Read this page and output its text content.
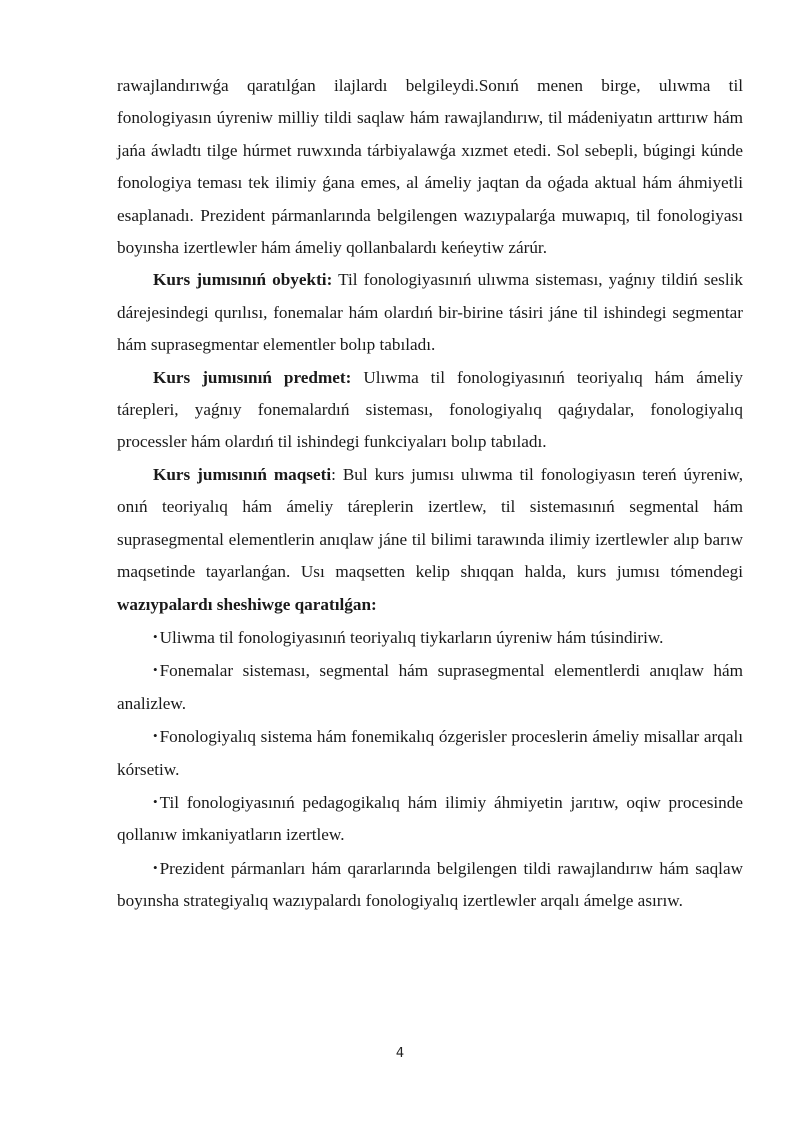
rawajlandırıwǵa qaratılǵan ilajlardı belgileydi.Sonıń menen birge, ulıwma til fonologiyasın úyreniw milliy tildi saqlaw hám rawajlandırıw, til mádeniyatın arttırıw hám jańa áwladtı tilge húrmet ruwxında tárbiyalawǵa xızmet etedi. Sol sebepli, búgingi kúnde fonologiya teması tek ilimiy ǵana emes, al ámeliy jaqtan da oǵada aktual hám áhmiyetli esaplanadı. Prezident pármanlarında belgilengen wazıypalarǵa muwapıq, til fonologiyası boyınsha izertlewler hám ámeliy qollanbalardı keńeytiw zárúr.

Kurs jumısınıń obyekti: Til fonologiyasınıń ulıwma sisteması, yaǵnıy tildiń seslik dárejesindegi qurılısı, fonemalar hám olardıń bir-birine tásiri jáne til ishindegi segmentar hám suprasegmentar elementler bolıp tabıladı.

Kurs jumısınıń predmet: Ulıwma til fonologiyasınıń teoriyalıq hám ámeliy tárepleri, yaǵnıy fonemalardıń sisteması, fonologiyalıq qaǵıydalar, fonologiyalıq processler hám olardıń til ishindegi funkciyaları bolıp tabıladı.

Kurs jumısınıń maqseti: Bul kurs jumısı ulıwma til fonologiyasın tereń úyreniw, onıń teoriyalıq hám ámeliy táreplerin izertlew, til sistemasınıń segmental hám suprasegmental elementlerin anıqlaw jáne til bilimi tarawında ilimiy izertlewler alıp barıw maqsetinde tayarlanǵan. Usı maqsetten kelip shıqqan halda, kurs jumısı tómendegi wazıypalardı sheshiwge qaratılǵan:

• Uliwma til fonologiyasınıń teoriyalıq tiykarların úyreniw hám túsindiriw.

• Fonemalar sisteması, segmental hám suprasegmental elementlerdi anıqlaw hám analizlew.

• Fonologiyalıq sistema hám fonemikalıq ózgerisler proceslerin ámeliy misallar arqalı kórsetiw.

• Til fonologiyasınıń pedagogikalıq hám ilimiy áhmiyetin jarıtıw, oqiw procesinde qollanıw imkaniyatların izertlew.

• Prezident pármanları hám qararlarında belgilengen tildi rawajlandırıw hám saqlaw boyınsha strategiyalıq wazıypalardı fonologiyalıq izertlewler arqalı ámelge asırıw.

4
